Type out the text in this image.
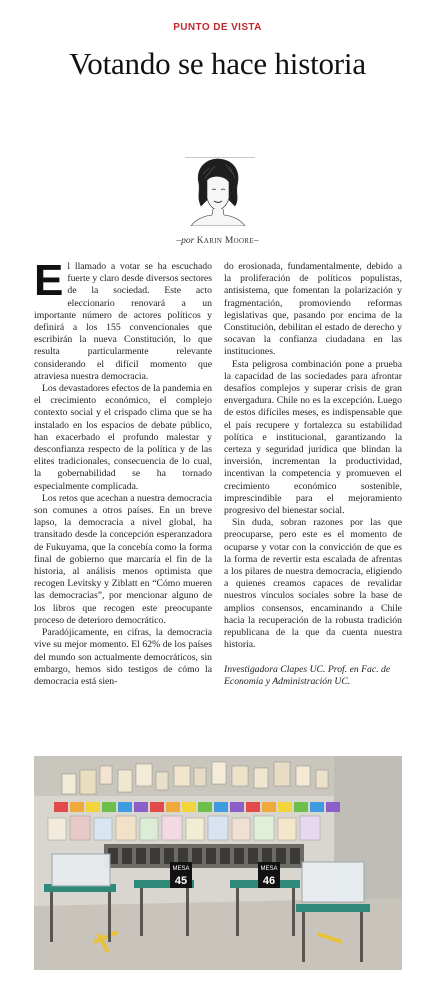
PUNTO DE VISTA
Votando se hace historia
–por Karin Moore–

El llamado a votar se ha escuchado fuerte y claro desde diversos sectores de la sociedad. Este acto eleccionario renovará a un importante número de actores políticos y definirá a los 155 convencionales que escribirán la nueva Constitución, lo que resulta particularmente relevante considerando el difícil momento que atraviesa nuestra democracia.

Los devastadores efectos de la pandemia en el crecimiento económico, el complejo contexto social y el crispado clima que se ha instalado en los espacios de debate público, han exacerbado el profundo malestar y desconfianza respecto de la política y de las elites tradicionales, consecuencia de lo cual, la gobernabilidad se ha tornado especialmente complicada.

Los retos que acechan a nuestra democracia son comunes a otros países. En un breve lapso, la democracia a nivel global, ha transitado desde la concepción esperanzadora de Fukuyama, que la concebía como la forma final de gobierno que marcaría el fin de la historia, al análisis menos optimista que recogen Levitsky y Ziblatt en “Cómo mueren las democracias”, por mencionar alguno de los libros que recogen este preocupante proceso de deterioro democrático.

Paradójicamente, en cifras, la democracia vive su mejor momento. El 62% de los países del mundo son actualmente democráticos, sin embargo, hemos sido testigos de cómo la democracia está sien-

do erosionada, fundamentalmente, debido a la proliferación de políticos populistas, antisistema, que fomentan la polarización y fragmentación, promoviendo reformas legislativas que, pasando por encima de la Constitución, debilitan el estado de derecho y socavan la confianza ciudadana en las instituciones.

Esta peligrosa combinación pone a prueba la capacidad de las sociedades para afrontar desafíos complejos y superar crisis de gran envergadura. Chile no es la excepción. Luego de estos difíciles meses, es indispensable que el país recupere y fortalezca su estabilidad política e institucional, garantizando la certeza y seguridad jurídica que blindan la inversión, incrementan la productividad, incentivan la competencia y promueven el crecimiento económico sostenible, imprescindible para el mejoramiento progresivo del bienestar social.

Sin duda, sobran razones por las que preocuparse, pero este es el momento de ocuparse y votar con la convicción de que es la forma de revertir esta escalada de afrentas a los pilares de nuestra democracia, eligiendo a quienes creamos capaces de revalidar nuestros vínculos sociales sobre la base de amplios consensos, encaminando a Chile hacia la recuperación de la robusta tradición republicana de la que da cuenta nuestra historia.

Investigadora Clapes UC. Prof. en Fac. de Economía y Administración UC.

MESA
45
MESA
46
